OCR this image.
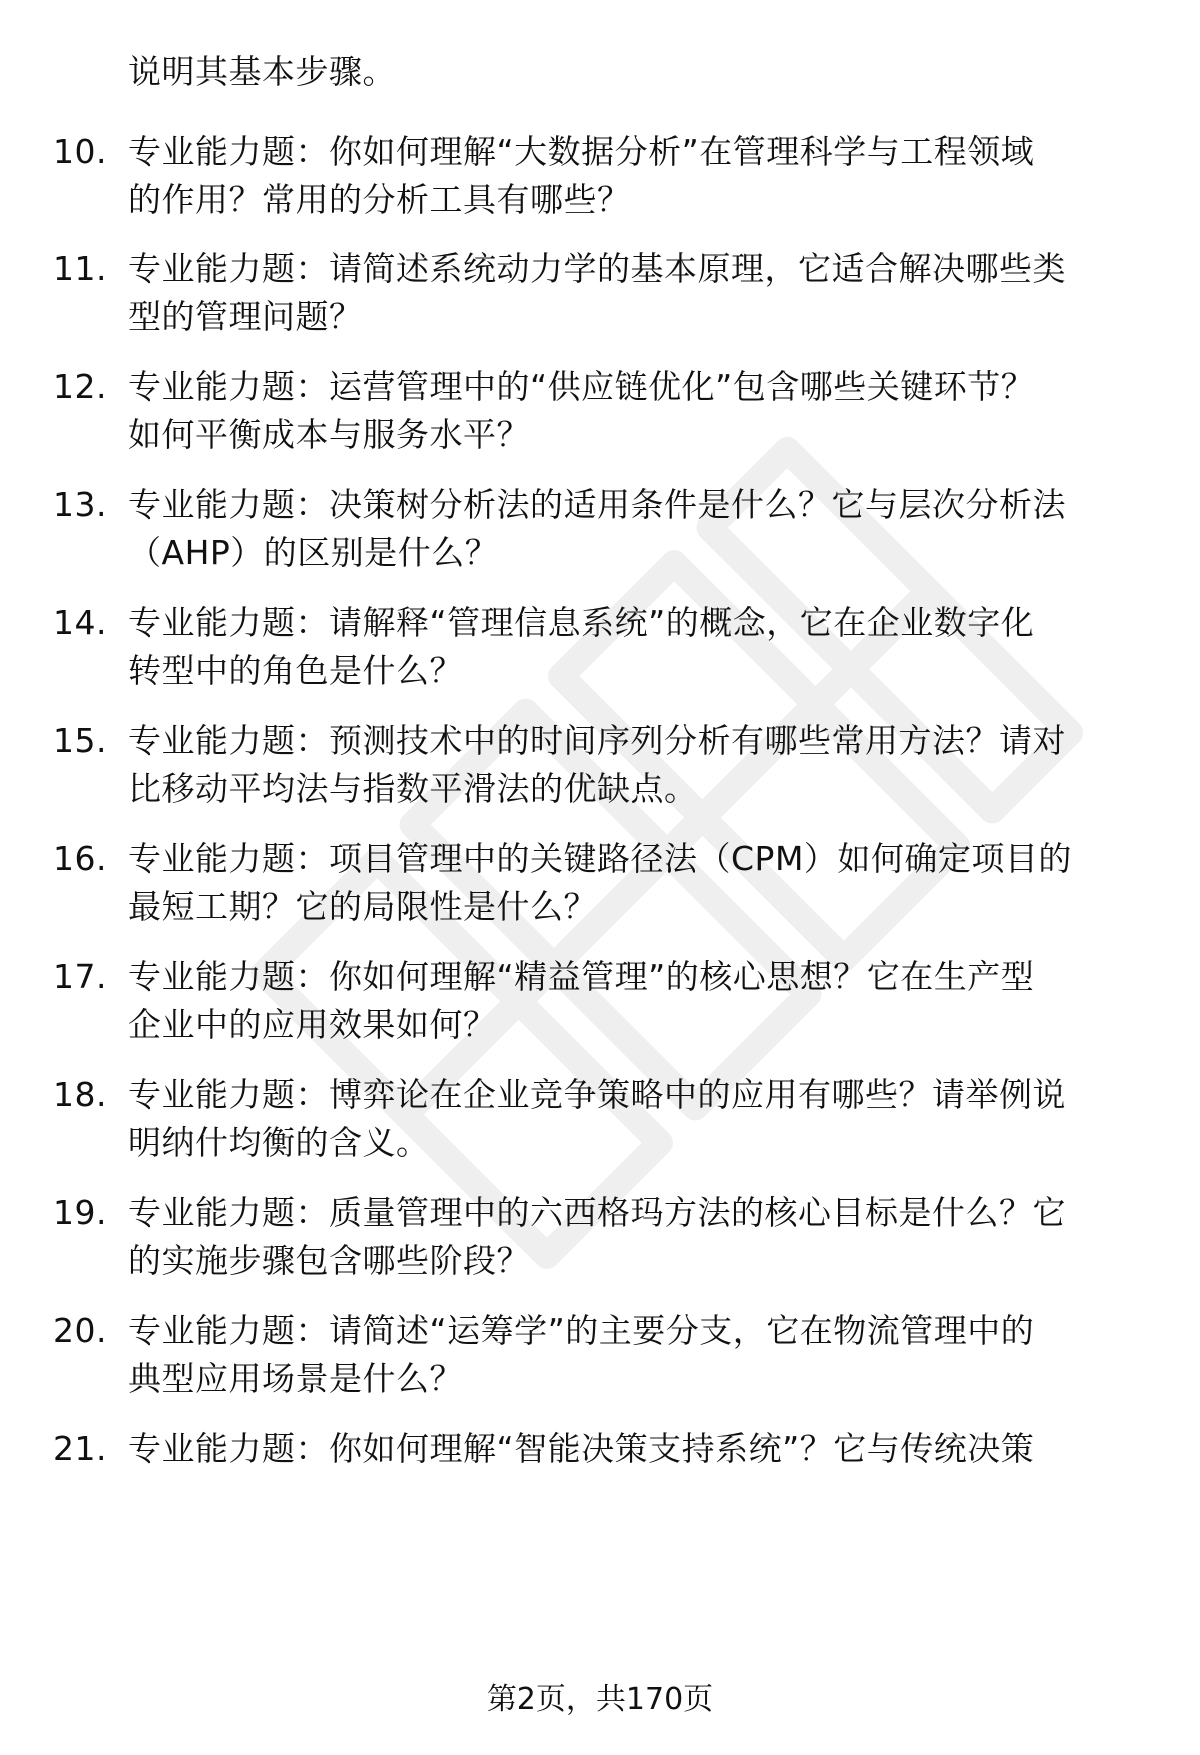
说明其基本步骤。
10. 专业能力题：你如何理解“大数据分析”在管理科学与工程领域
的作用？常用的分析工具有哪些？
11. 专业能力题：请简述系统动力学的基本原理，它适合解决哪些类
型的管理问题？
12. 专业能力题：运营管理中的“供应链优化”包含哪些关键环节？
如何平衡成本与服务水平？
13. 专业能力题：决策树分析法的适用条件是什么？它与层次分析法
（AHP）的区别是什么？
14. 专业能力题：请解释“管理信息系统”的概念，它在企业数字化
转型中的角色是什么？
15. 专业能力题：预测技术中的时间序列分析有哪些常用方法？请对
比移动平均法与指数平滑法的优缺点。
16. 专业能力题：项目管理中的关键路径法（CPM）如何确定项目的
最短工期？它的局限性是什么？
17. 专业能力题：你如何理解“精益管理”的核心思想？它在生产型
企业中的应用效果如何？
18. 专业能力题：博弈论在企业竞争策略中的应用有哪些？请举例说
明纳什均衡的含义。
19. 专业能力题：质量管理中的六西格玛方法的核心目标是什么？它
的实施步骤包含哪些阶段？
20. 专业能力题：请简述“运筹学”的主要分支，它在物流管理中的
典型应用场景是什么？
21. 专业能力题：你如何理解“智能决策支持系统”？它与传统决策
第2页，共170页
